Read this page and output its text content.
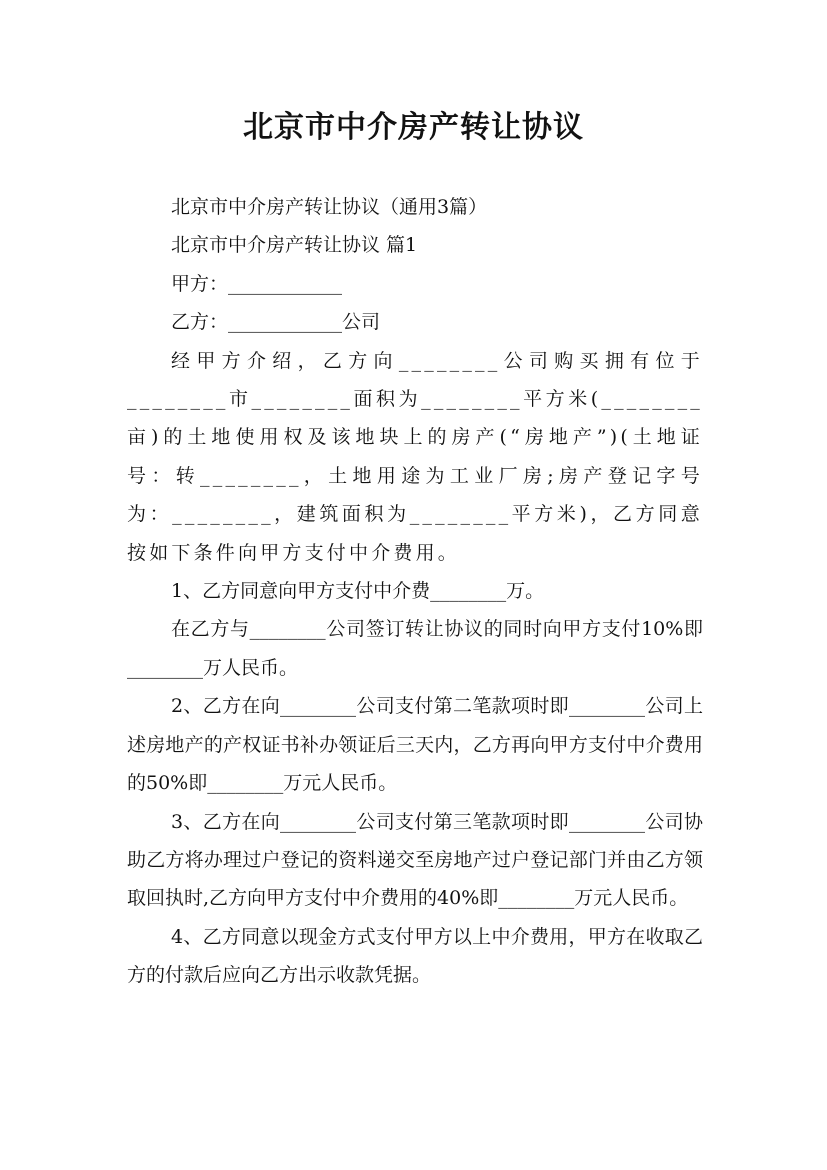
北京市中介房产转让协议

北京市中介房产转让协议（通用3篇）

北京市中介房产转让协议 篇1

甲方：____________

乙方：____________公司

经甲方介绍，乙方向________公司购买拥有位于________市________面积为________平方米(________亩)的土地使用权及该地块上的房产(“房地产”)(土地证号：转________，土地用途为工业厂房;房产登记字号为：________，建筑面积为________平方米)，乙方同意按如下条件向甲方支付中介费用。

1、乙方同意向甲方支付中介费________万。

在乙方与________公司签订转让协议的同时向甲方支付10%即________万人民币。

2、乙方在向________公司支付第二笔款项时即________公司上述房地产的产权证书补办领证后三天内，乙方再向甲方支付中介费用的50%即________万元人民币。

3、乙方在向________公司支付第三笔款项时即________公司协助乙方将办理过户登记的资料递交至房地产过户登记部门并由乙方领取回执时,乙方向甲方支付中介费用的40%即________万元人民币。

4、乙方同意以现金方式支付甲方以上中介费用，甲方在收取乙方的付款后应向乙方出示收款凭据。
